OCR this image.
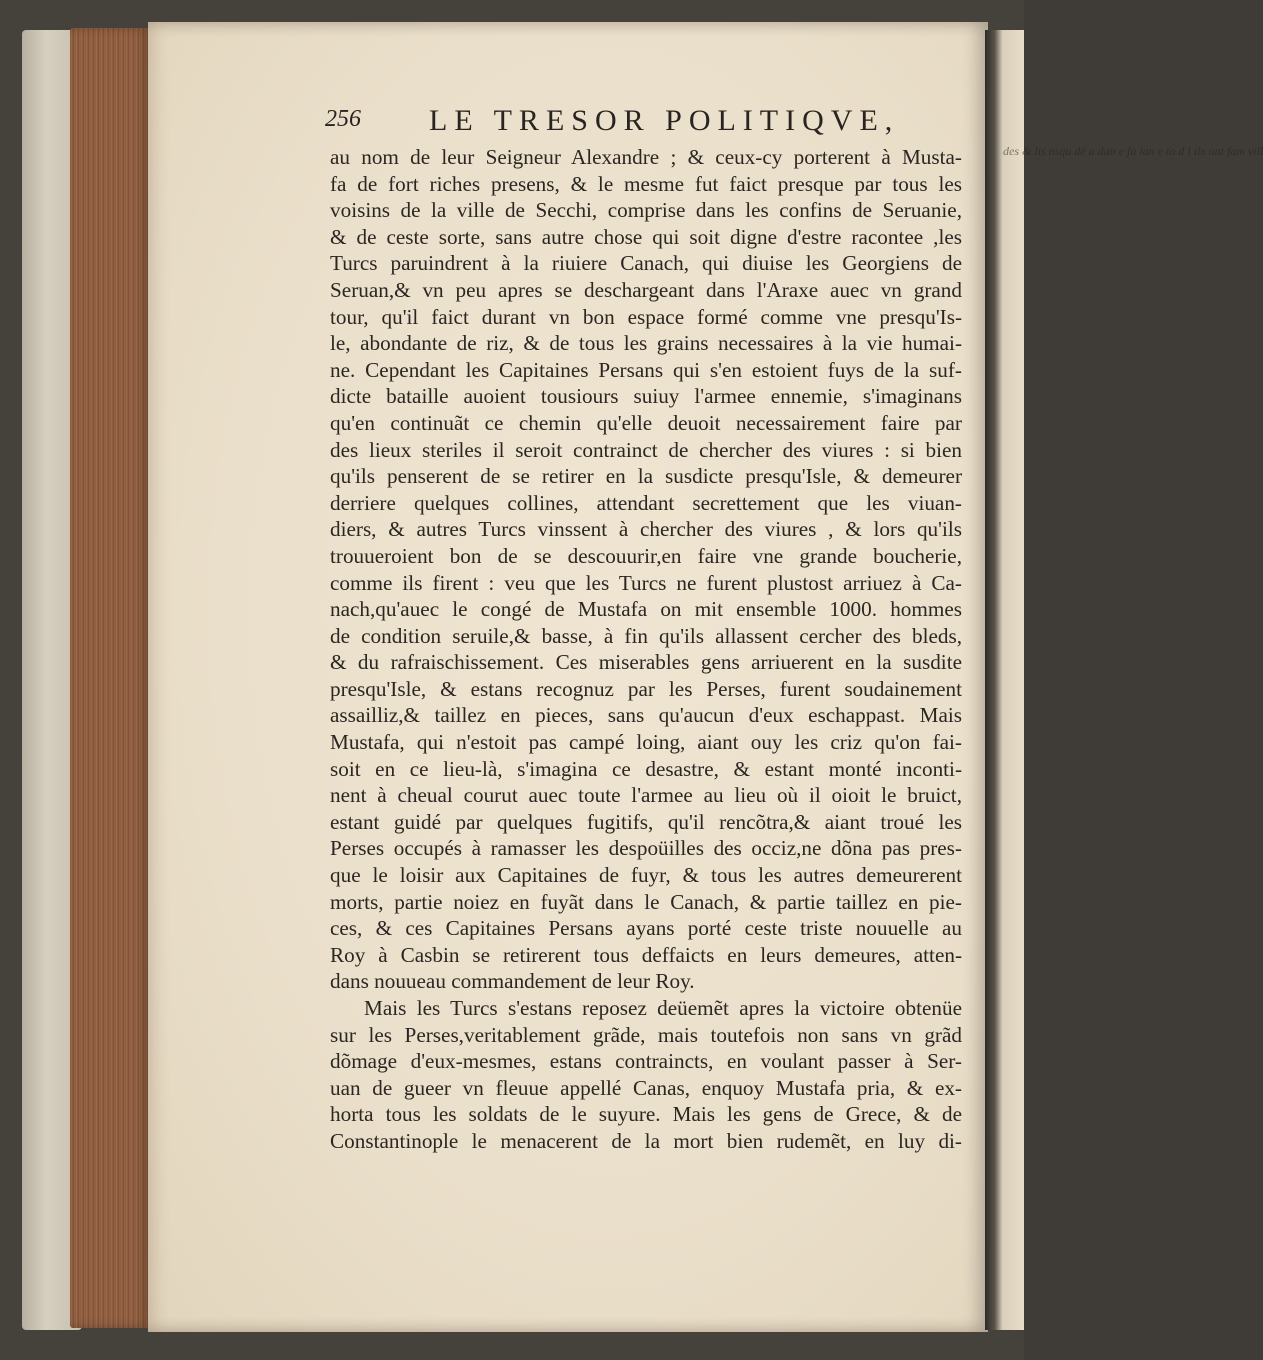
des & lis nsqu dé a dan e fa lan e to d l ilx ont fam vill
256 LE TRESOR POLITIQVE,
au nom de leur Seigneur Alexandre ; & ceux-cy porterent à Musta-
fa de fort riches presens, & le mesme fut faict presque par tous les
voisins de la ville de Secchi, comprise dans les confins de Seruanie,
& de ceste sorte, sans autre chose qui soit digne d'estre racontee ,les
Turcs paruindrent à la riuiere Canach, qui diuise les Georgiens de
Seruan,& vn peu apres se deschargeant dans l'Araxe auec vn grand
tour, qu'il faict durant vn bon espace formé comme vne presqu'Is-
le, abondante de riz, & de tous les grains necessaires à la vie humai-
ne. Cependant les Capitaines Persans qui s'en estoient fuys de la suf-
dicte bataille auoient tousiours suiuy l'armee ennemie, s'imaginans
qu'en continuãt ce chemin qu'elle deuoit necessairement faire par
des lieux steriles il seroit contrainct de chercher des viures : si bien
qu'ils penserent de se retirer en la susdicte presqu'Isle, & demeurer
derriere quelques collines, attendant secrettement que les viuan-
diers, & autres Turcs vinssent à chercher des viures , & lors qu'ils
trouueroient bon de se descouurir,en faire vne grande boucherie,
comme ils firent : veu que les Turcs ne furent plustost arriuez à Ca-
nach,qu'auec le congé de Mustafa on mit ensemble 1000. hommes
de condition seruile,& basse, à fin qu'ils allassent cercher des bleds,
& du rafraischissement. Ces miserables gens arriuerent en la susdite
presqu'Isle, & estans recognuz par les Perses, furent soudainement
assailliz,& taillez en pieces, sans qu'aucun d'eux eschappast. Mais
Mustafa, qui n'estoit pas campé loing, aiant ouy les criz qu'on fai-
soit en ce lieu-là, s'imagina ce desastre, & estant monté inconti-
nent à cheual courut auec toute l'armee au lieu où il oioit le bruict,
estant guidé par quelques fugitifs, qu'il rencõtra,& aiant troué les
Perses occupés à ramasser les despoüilles des occiz,ne dõna pas pres-
que le loisir aux Capitaines de fuyr, & tous les autres demeurerent
morts, partie noiez en fuyãt dans le Canach, & partie taillez en pie-
ces, & ces Capitaines Persans ayans porté ceste triste nouuelle au
Roy à Casbin se retirerent tous deffaicts en leurs demeures, atten-
dans nouueau commandement de leur Roy.
Mais les Turcs s'estans reposez deüemẽt apres la victoire obtenüe
sur les Perses,veritablement grãde, mais toutefois non sans vn grãd
dõmage d'eux-mesmes, estans contraincts, en voulant passer à Ser-
uan de gueer vn fleuue appellé Canas, enquoy Mustafa pria, & ex-
horta tous les soldats de le suyure. Mais les gens de Grece, & de
Constantinople le menacerent de la mort bien rudemẽt, en luy di-
